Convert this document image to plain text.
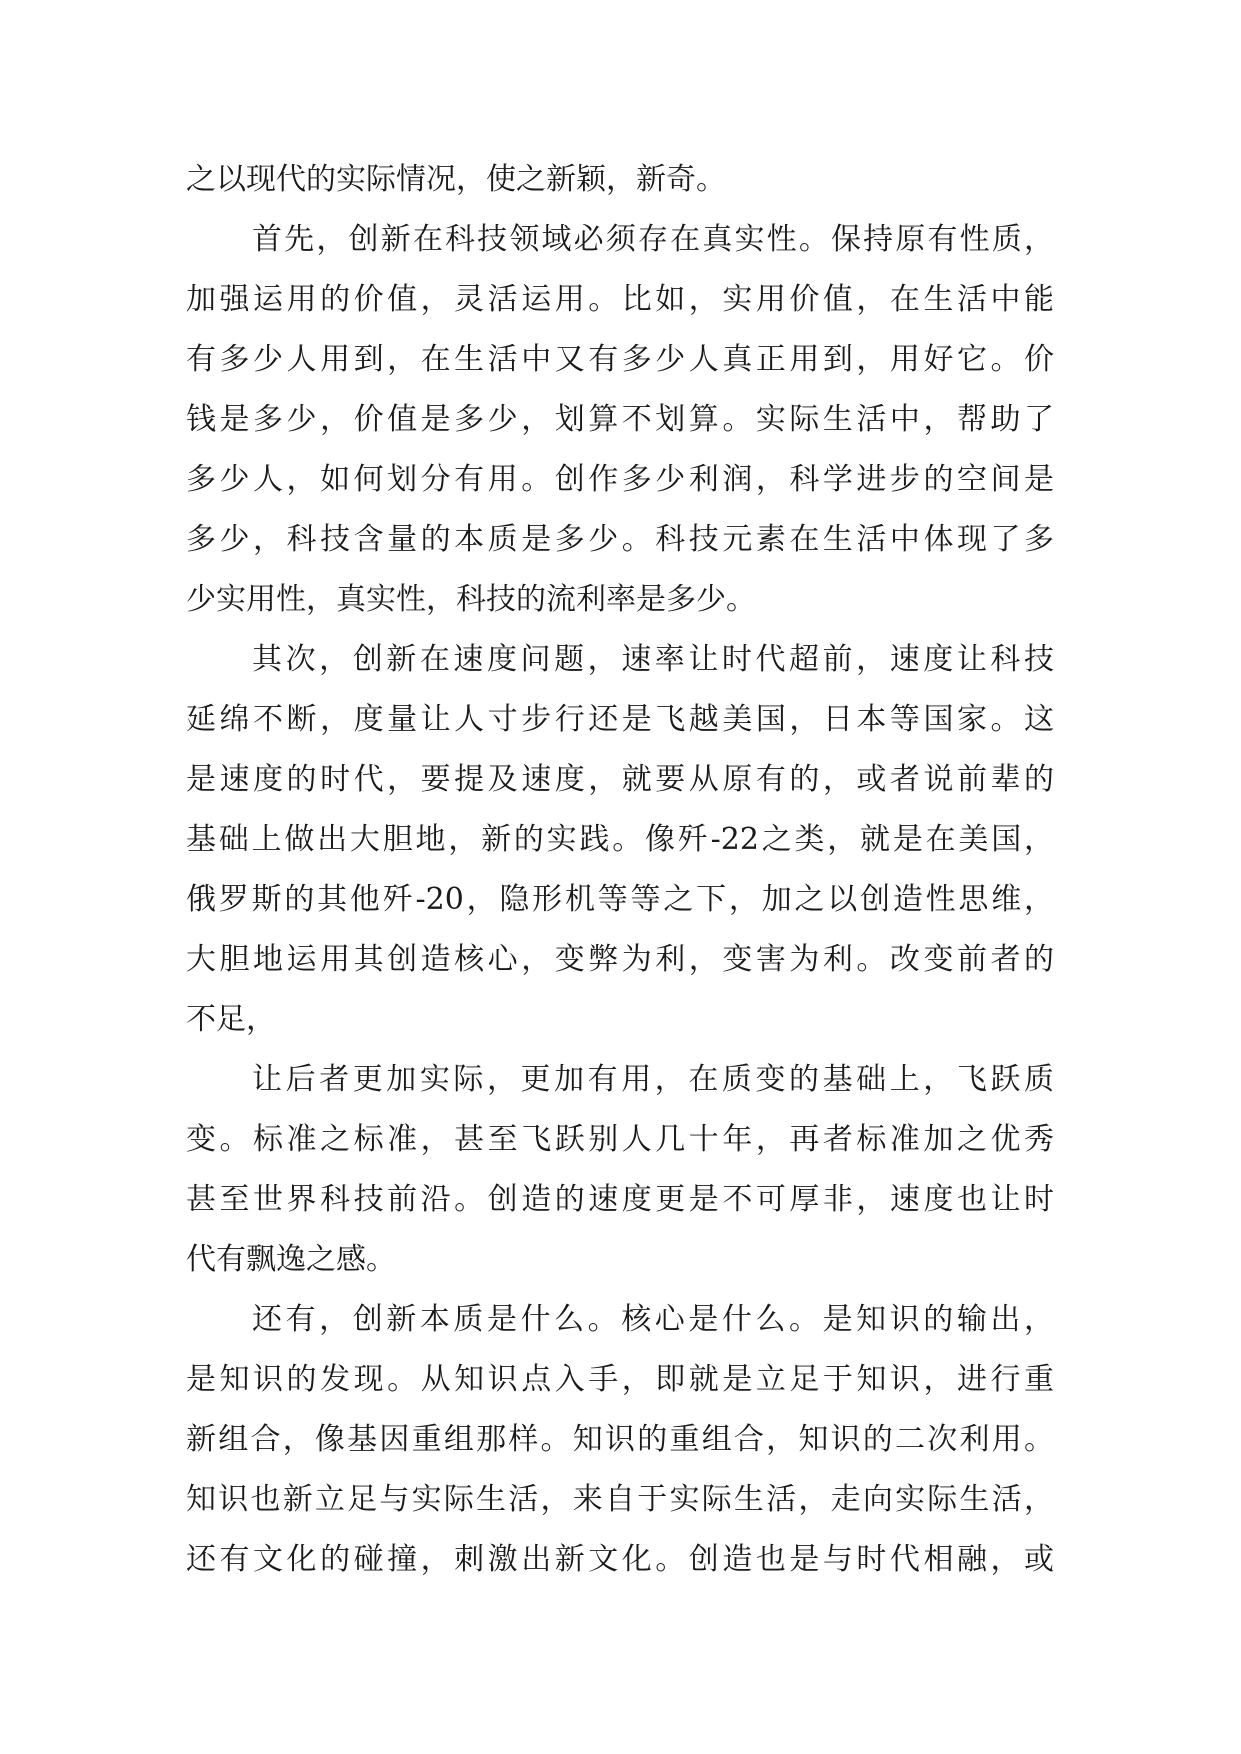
之以现代的实际情况，使之新颖，新奇。
首先，创新在科技领域必须存在真实性。保持原有性质，
加强运用的价值，灵活运用。比如，实用价值，在生活中能
有多少人用到，在生活中又有多少人真正用到，用好它。价
钱是多少，价值是多少，划算不划算。实际生活中，帮助了
多少人，如何划分有用。创作多少利润，科学进步的空间是
多少，科技含量的本质是多少。科技元素在生活中体现了多
少实用性，真实性，科技的流利率是多少。
其次，创新在速度问题，速率让时代超前，速度让科技
延绵不断，度量让人寸步行还是飞越美国，日本等国家。这
是速度的时代，要提及速度，就要从原有的，或者说前辈的
基础上做出大胆地，新的实践。像歼-22之类，就是在美国，
俄罗斯的其他歼-20，隐形机等等之下，加之以创造性思维，
大胆地运用其创造核心，变弊为利，变害为利。改变前者的
不足，
让后者更加实际，更加有用，在质变的基础上，飞跃质
变。标准之标准，甚至飞跃别人几十年，再者标准加之优秀
甚至世界科技前沿。创造的速度更是不可厚非，速度也让时
代有飘逸之感。
还有，创新本质是什么。核心是什么。是知识的输出，
是知识的发现。从知识点入手，即就是立足于知识，进行重
新组合，像基因重组那样。知识的重组合，知识的二次利用。
知识也新立足与实际生活，来自于实际生活，走向实际生活，
还有文化的碰撞，刺激出新文化。创造也是与时代相融，或
